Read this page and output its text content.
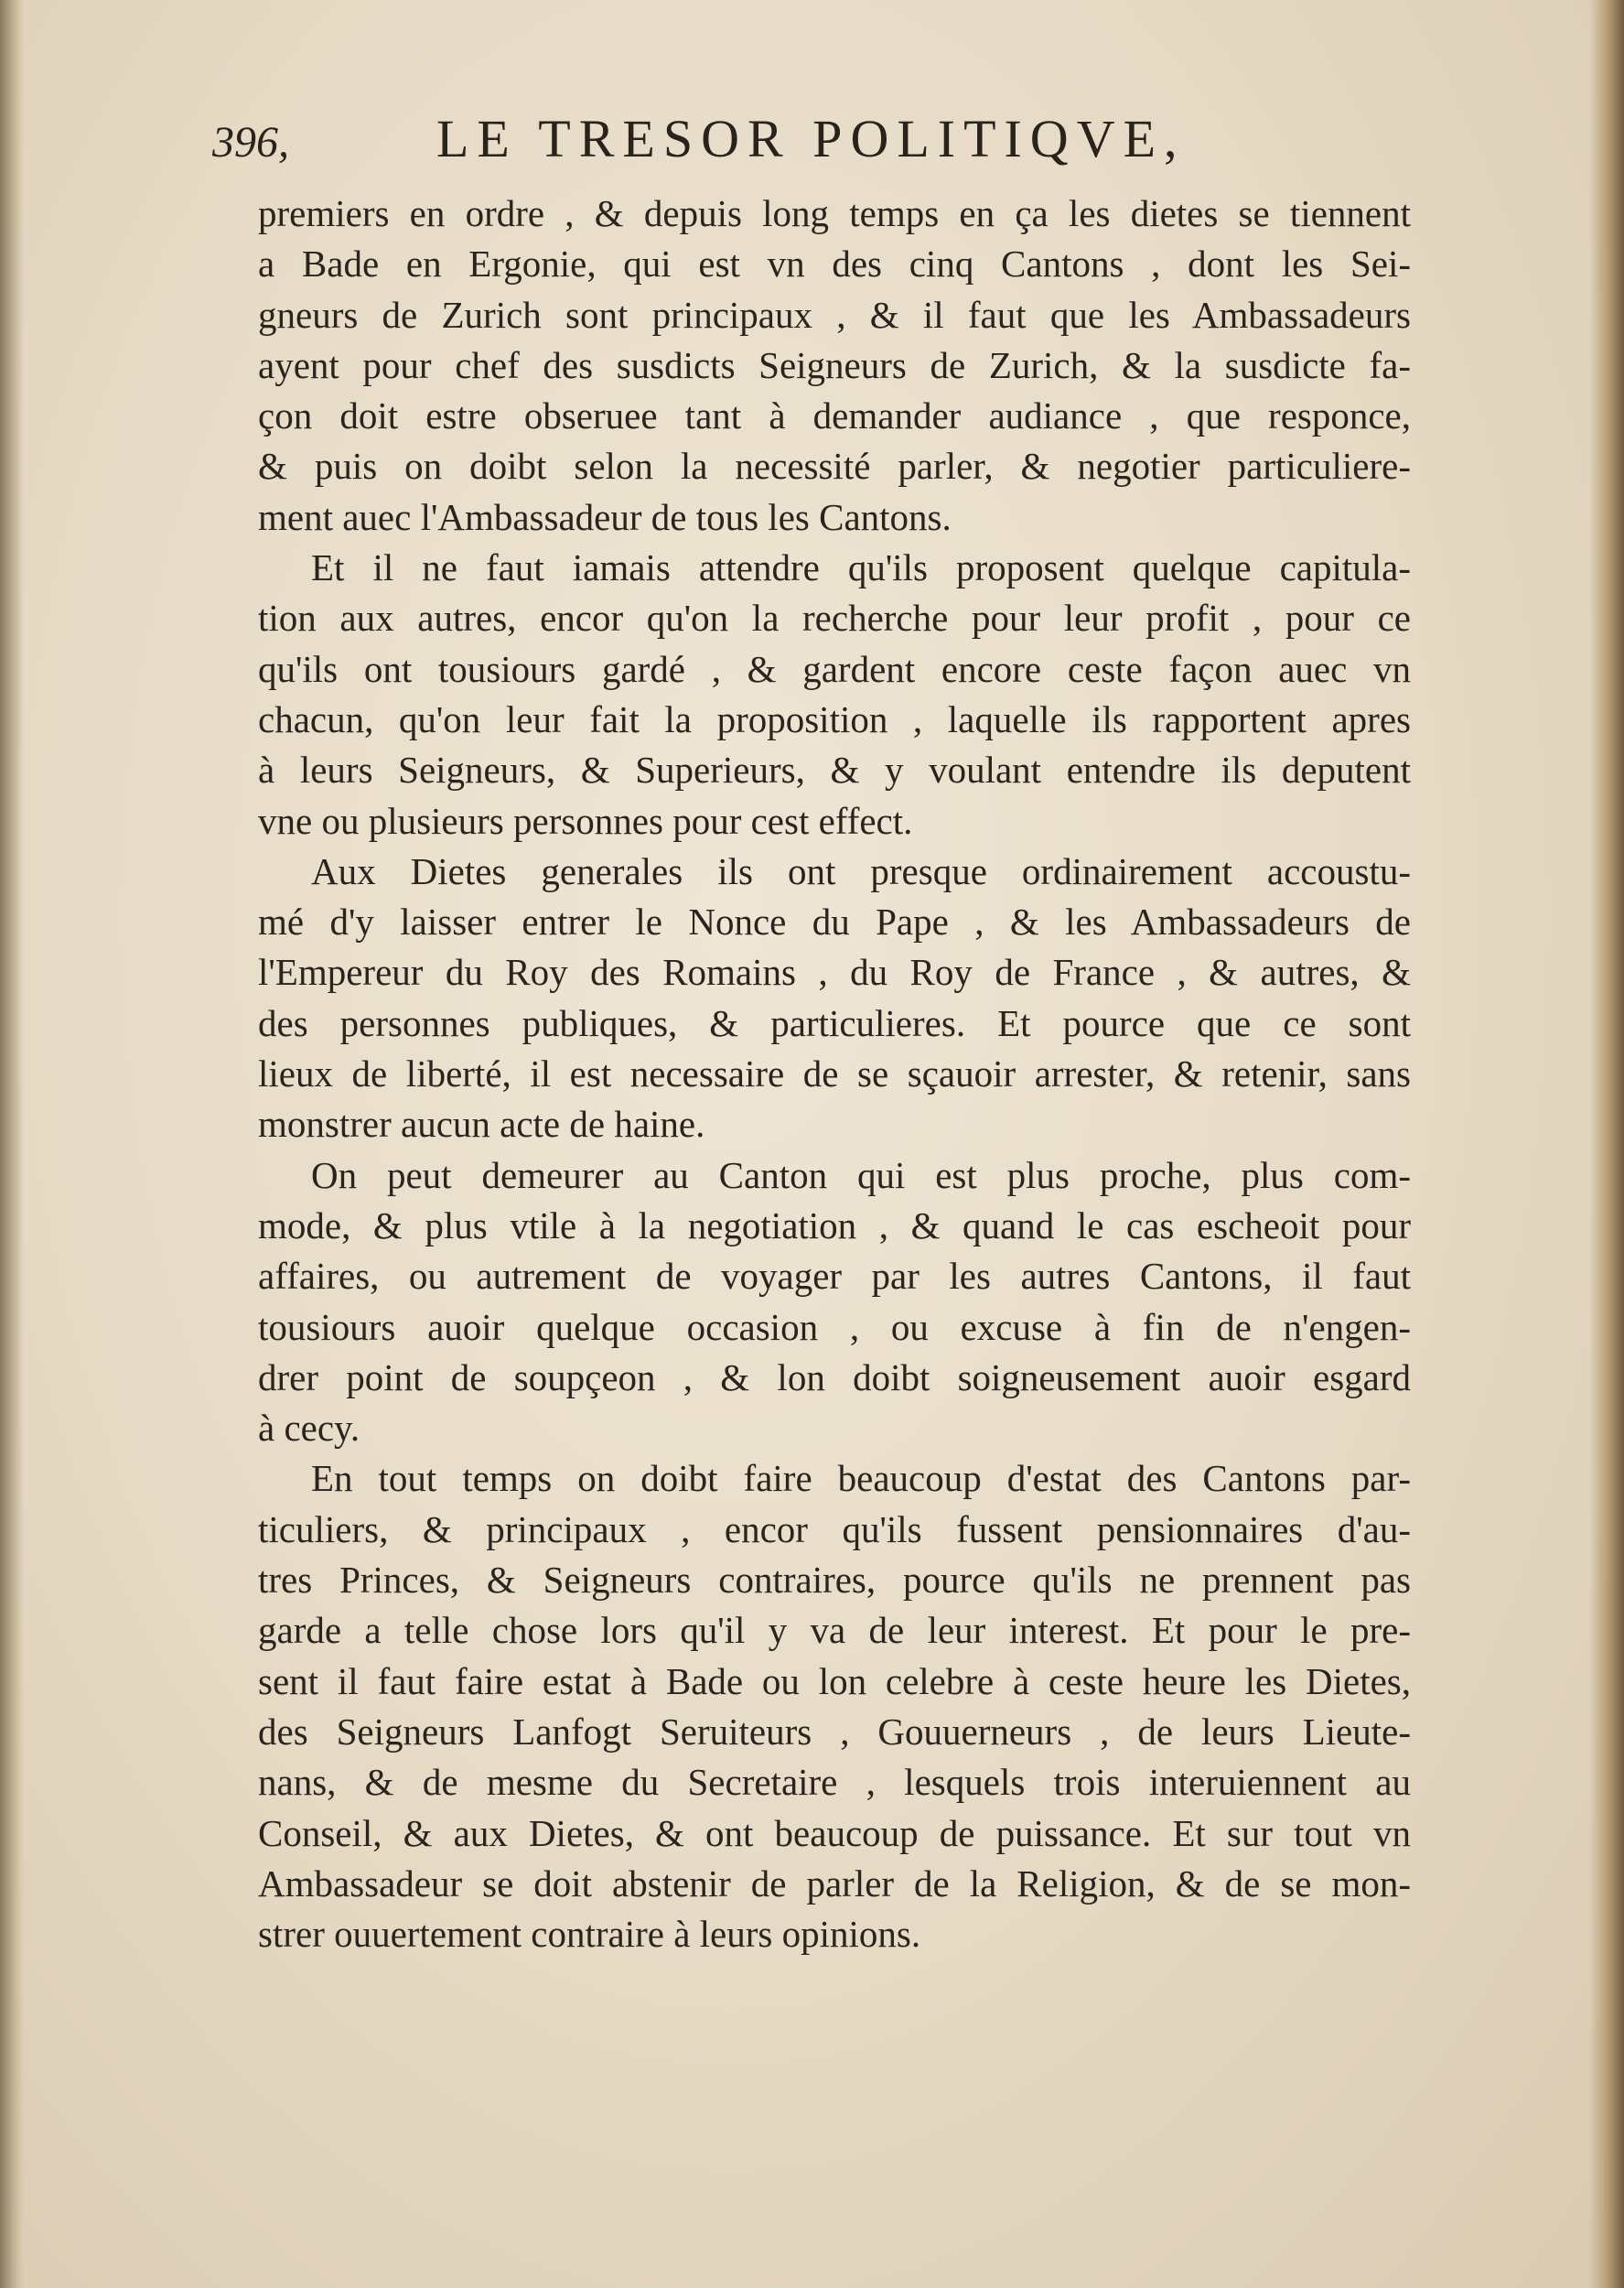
396,	LE TRESOR POLITIQVE,
premiers en ordre , & depuis long temps en ça les dietes se tiennent
a Bade en Ergonie, qui est vn des cinq Cantons , dont les Sei-
gneurs de Zurich sont principaux , & il faut que les Ambassadeurs
ayent pour chef des susdicts Seigneurs de Zurich, & la susdicte fa-
çon doit estre obseruee tant à demander audiance , que responce,
& puis on doibt selon la necessité parler, & negotier particuliere-
ment auec l'Ambassadeur de tous les Cantons.
Et il ne faut iamais attendre qu'ils proposent quelque capitula-
tion aux autres, encor qu'on la recherche pour leur profit , pour ce
qu'ils ont tousiours gardé , & gardent encore ceste façon auec vn
chacun, qu'on leur fait la proposition , laquelle ils rapportent apres
à leurs Seigneurs, & Superieurs, & y voulant entendre ils deputent
vne ou plusieurs personnes pour cest effect.
Aux Dietes generales ils ont presque ordinairement accoustu-
mé d'y laisser entrer le Nonce du Pape , & les Ambassadeurs de
l'Empereur du Roy des Romains , du Roy de France , & autres, &
des personnes publiques, & particulieres. Et pource que ce sont
lieux de liberté, il est necessaire de se sçauoir arrester, & retenir, sans
monstrer aucun acte de haine.
On peut demeurer au Canton qui est plus proche, plus com-
mode, & plus vtile à la negotiation , & quand le cas escheoit pour
affaires, ou autrement de voyager par les autres Cantons, il faut
tousiours auoir quelque occasion , ou excuse à fin de n'engen-
drer point de soupçeon , & lon doibt soigneusement auoir esgard
à cecy.
En tout temps on doibt faire beaucoup d'estat des Cantons par-
ticuliers, & principaux , encor qu'ils fussent pensionnaires d'au-
tres Princes, & Seigneurs contraires, pource qu'ils ne prennent pas
garde a telle chose lors qu'il y va de leur interest. Et pour le pre-
sent il faut faire estat à Bade ou lon celebre à ceste heure les Dietes,
des Seigneurs Lanfogt Seruiteurs , Gouuerneurs , de leurs Lieute-
nans, & de mesme du Secretaire , lesquels trois interuiennent au
Conseil, & aux Dietes, & ont beaucoup de puissance. Et sur tout vn
Ambassadeur se doit abstenir de parler de la Religion, & de se mon-
strer ouuertement contraire à leurs opinions.
